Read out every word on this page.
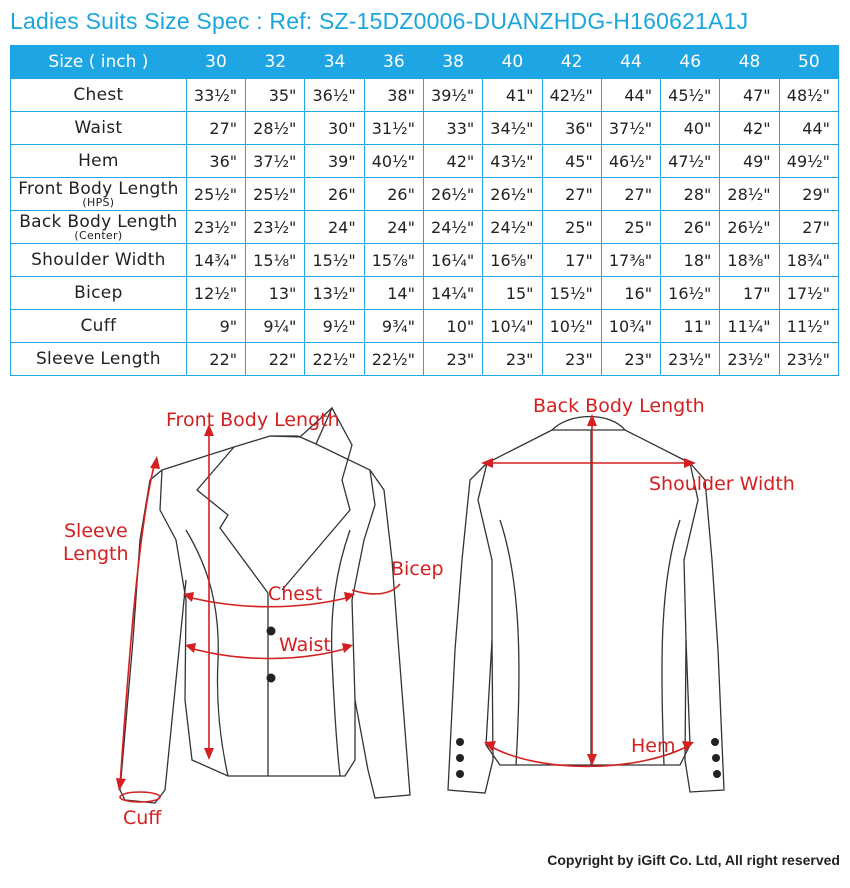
Ladies Suits Size Spec : Ref: SZ-15DZ0006-DUANZHDG-H160621A1J
Size ( inch )	30	32	34	36	38	40	42	44	46	48	50

Chest	33½"	35"	36½"	38"	39½"	41"	42½"	44"	45½"	47"	48½"

Waist	27"	28½"	30"	31½"	33"	34½"	36"	37½"	40"	42"	44"

Hem	36"	37½"	39"	40½"	42"	43½"	45"	46½"	47½"	49"	49½"

Front Body Length
(HPS)	25½"	25½"	26"	26"	26½"	26½"	27"	27"	28"	28½"	29"

Back Body Length
(Center)	23½"	23½"	24"	24"	24½"	24½"	25"	25"	26"	26½"	27"

Shoulder Width	14¾"	15⅛"	15½"	15⅞"	16¼"	16⅝"	17"	17⅜"	18"	18⅜"	18¾"

Bicep	12½"	13"	13½"	14"	14¼"	15"	15½"	16"	16½"	17"	17½"

Cuff	9"	9¼"	9½"	9¾"	10"	10¼"	10½"	10¾"	11"	11¼"	11½"

Sleeve Length	22"	22"	22½"	22½"	23"	23"	23"	23"	23½"	23½"	23½"
Front Body Length
Sleeve
Length
Bicep
Chest
Waist
Cuff
Back Body Length
Shoulder Width
Hem
Copyright by iGift Co. Ltd, All right reserved
